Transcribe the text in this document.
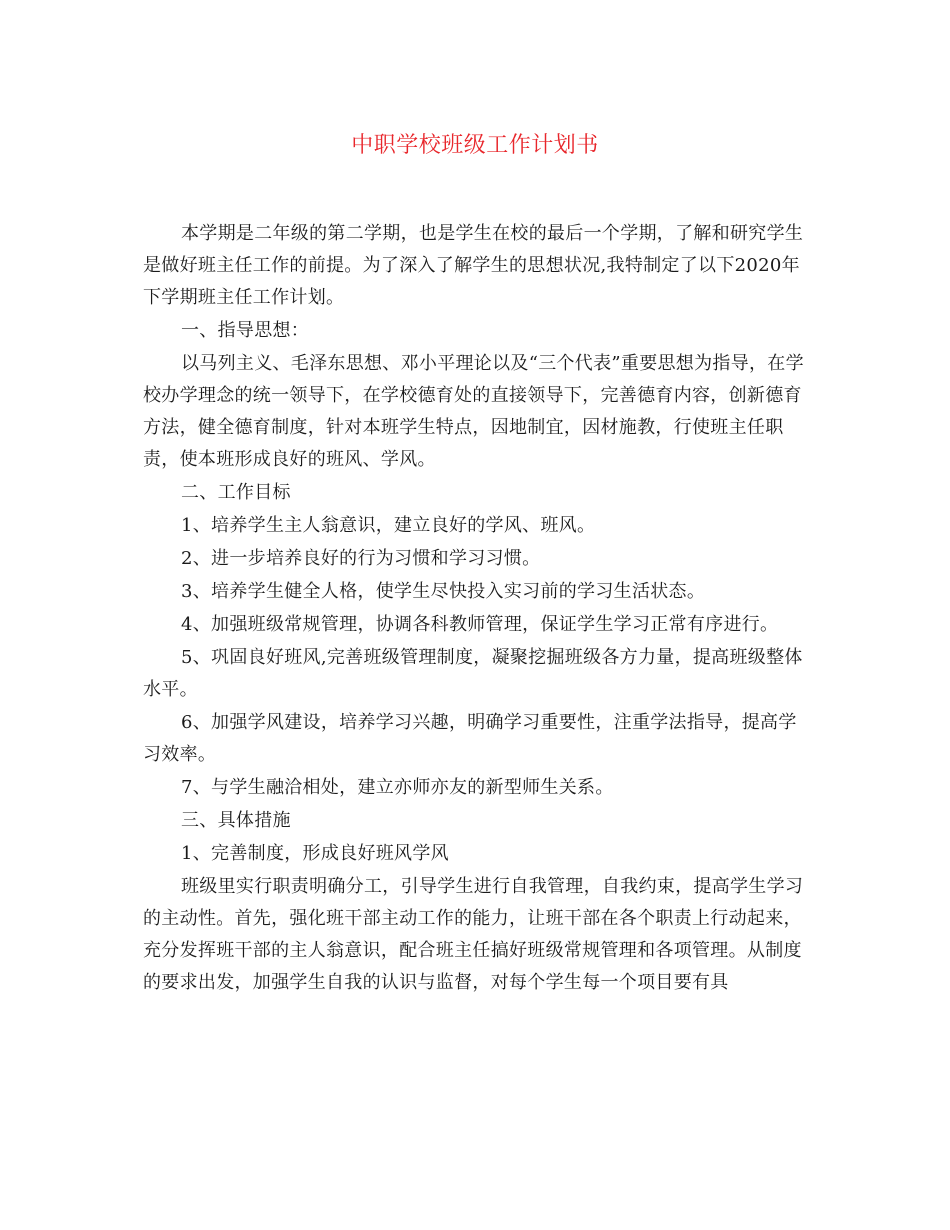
中职学校班级工作计划书

本学期是二年级的第二学期，也是学生在校的最后一个学期，了解和研究学生是做好班主任工作的前提。为了深入了解学生的思想状况,我特制定了以下2020年下学期班主任工作计划。

一、指导思想：

以马列主义、毛泽东思想、邓小平理论以及“三个代表”重要思想为指导，在学校办学理念的统一领导下，在学校德育处的直接领导下，完善德育内容，创新德育方法，健全德育制度，针对本班学生特点，因地制宜，因材施教，行使班主任职责，使本班形成良好的班风、学风。

二、工作目标

1、培养学生主人翁意识，建立良好的学风、班风。

2、进一步培养良好的行为习惯和学习习惯。

3、培养学生健全人格，使学生尽快投入实习前的学习生活状态。

4、加强班级常规管理，协调各科教师管理，保证学生学习正常有序进行。

5、巩固良好班风,完善班级管理制度，凝聚挖掘班级各方力量，提高班级整体水平。

6、加强学风建设，培养学习兴趣，明确学习重要性，注重学法指导，提高学习效率。

7、与学生融洽相处，建立亦师亦友的新型师生关系。

三、具体措施

1、完善制度，形成良好班风学风

班级里实行职责明确分工，引导学生进行自我管理，自我约束，提高学生学习的主动性。首先，强化班干部主动工作的能力，让班干部在各个职责上行动起来，充分发挥班干部的主人翁意识，配合班主任搞好班级常规管理和各项管理。从制度的要求出发，加强学生自我的认识与监督，对每个学生每一个项目要有具
